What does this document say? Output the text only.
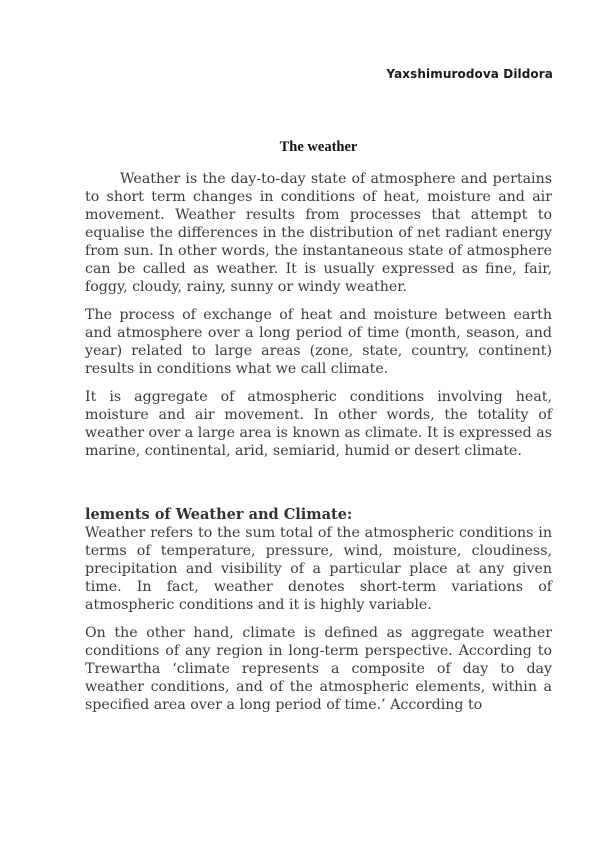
Yaxshimurodova Dildora
The weather

Weather is the day-to-day state of atmosphere and pertains to short term changes in conditions of heat, moisture and air movement. Weather results from processes that attempt to equalise the differences in the distribution of net radiant energy from sun. In other words, the instantaneous state of atmosphere can be called as weather. It is usually expressed as fine, fair, foggy, cloudy, rainy, sunny or windy weather.

The process of exchange of heat and moisture between earth and atmosphere over a long period of time (month, season, and year) related to large areas (zone, state, country, continent) results in conditions what we call climate.

It is aggregate of atmospheric conditions involving heat, moisture and air movement. In other words, the totality of weather over a large area is known as climate. It is expressed as marine, continental, arid, semiarid, humid or desert climate.

lements of Weather and Climate:

Weather refers to the sum total of the atmospheric conditions in terms of temperature, pressure, wind, moisture, cloudiness, precipitation and visibility of a particular place at any given time. In fact, weather denotes short-term variations of atmospheric conditions and it is highly variable.

On the other hand, climate is defined as aggregate weather conditions of any region in long-term perspective. According to Trewartha ‘climate represents a composite of day to day weather conditions, and of the atmospheric elements, within a specified area over a long period of time.’ According to
